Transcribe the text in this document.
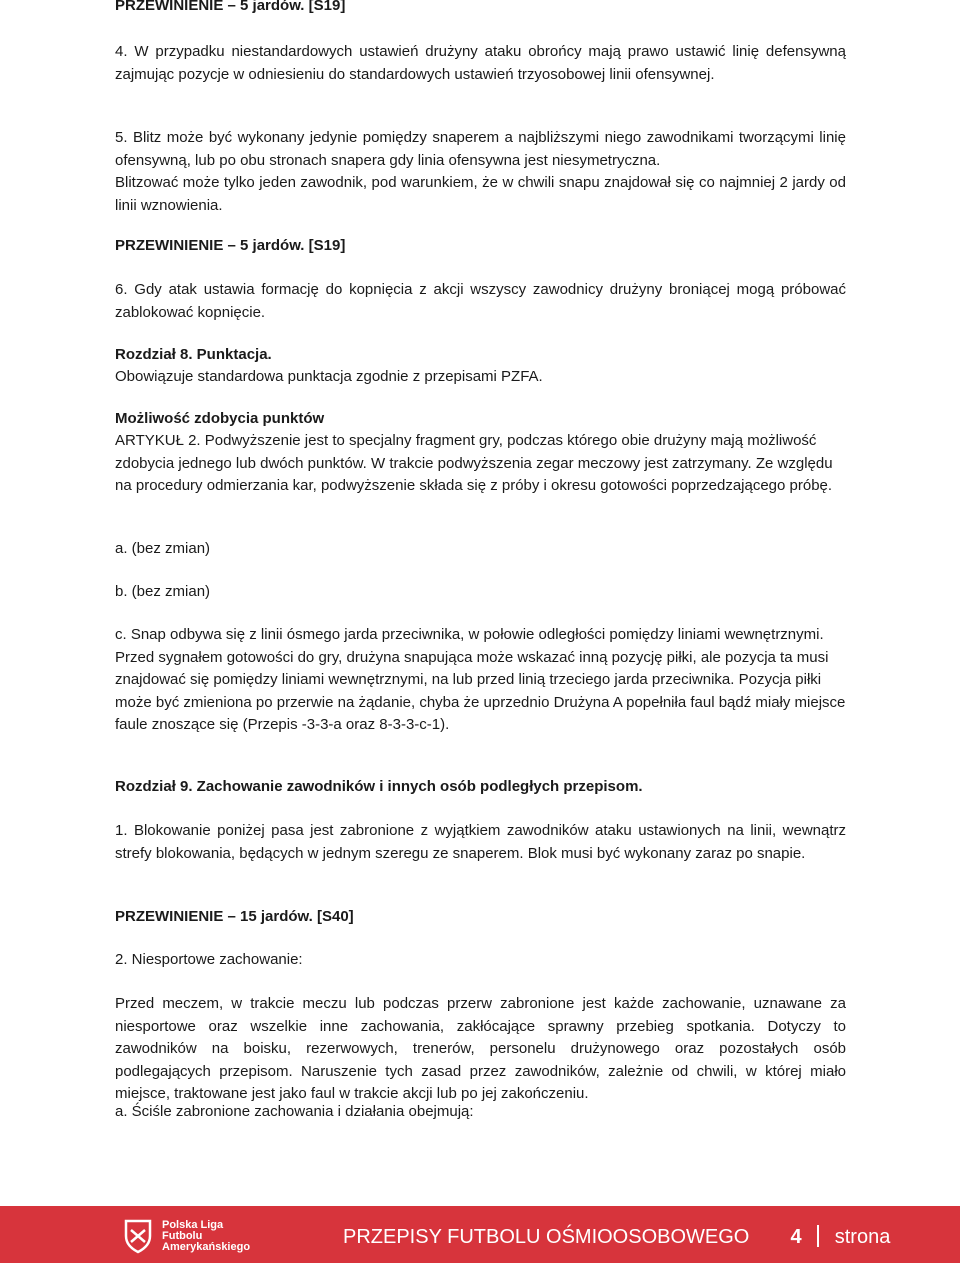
PRZEWINIENIE – 5 jardów. [S19]
4. W przypadku niestandardowych ustawień drużyny ataku obrońcy mają prawo ustawić linię defensywną zajmując pozycje w odniesieniu do standardowych ustawień trzyosobowej linii ofensywnej.
5. Blitz może być wykonany jedynie pomiędzy snaperem a najbliższymi niego zawodnikami tworzącymi linię ofensywną, lub po obu stronach snapera gdy linia ofensywna jest niesymetryczna.
Blitzować może tylko jeden zawodnik, pod warunkiem, że w chwili snapu znajdował się co najmniej 2 jardy od linii wznowienia.
PRZEWINIENIE – 5 jardów. [S19]
6. Gdy atak ustawia formację do kopnięcia z akcji wszyscy zawodnicy drużyny broniącej mogą próbować zablokować kopnięcie.
Rozdział 8. Punktacja.
Obowiązuje standardowa punktacja zgodnie z przepisami PZFA.
Możliwość zdobycia punktów
ARTYKUŁ 2. Podwyższenie jest to specjalny fragment gry, podczas którego obie drużyny mają możliwość zdobycia jednego lub dwóch punktów. W trakcie podwyższenia zegar meczowy jest zatrzymany. Ze względu na procedury odmierzania kar, podwyższenie składa się z próby i okresu gotowości poprzedzającego próbę.
a. (bez zmian)
b. (bez zmian)
c. Snap odbywa się z linii ósmego jarda przeciwnika, w połowie odległości pomiędzy liniami wewnętrznymi. Przed sygnałem gotowości do gry, drużyna snapująca może wskazać inną pozycję piłki, ale pozycja ta musi znajdować się pomiędzy liniami wewnętrznymi, na lub przed linią trzeciego jarda przeciwnika. Pozycja piłki może być zmieniona po przerwie na żądanie, chyba że uprzednio Drużyna A popełniła faul bądź miały miejsce faule znoszące się (Przepis -3-3-a oraz 8-3-3-c-1).
Rozdział 9. Zachowanie zawodników i innych osób podległych przepisom.
1. Blokowanie poniżej pasa jest zabronione z wyjątkiem zawodników ataku ustawionych na linii, wewnątrz strefy blokowania, będących w jednym szeregu ze snaperem. Blok musi być wykonany zaraz po snapie.
PRZEWINIENIE – 15 jardów. [S40]
2. Niesportowe zachowanie:
Przed meczem, w trakcie meczu lub podczas przerw zabronione jest każde zachowanie, uznawane za niesportowe oraz wszelkie inne zachowania, zakłócające sprawny przebieg spotkania. Dotyczy to zawodników na boisku, rezerwowych, trenerów, personelu drużynowego oraz pozostałych osób podlegających przepisom. Naruszenie tych zasad przez zawodników, zależnie od chwili, w której miało miejsce, traktowane jest jako faul w trakcie akcji lub po jej zakończeniu.
a. Ściśle zabronione zachowania i działania obejmują:
Polska Liga
Futbolu
Amerykańskiego	PRZEPISY FUTBOLU OŚMIOOSOBOWEGO 4 strona
